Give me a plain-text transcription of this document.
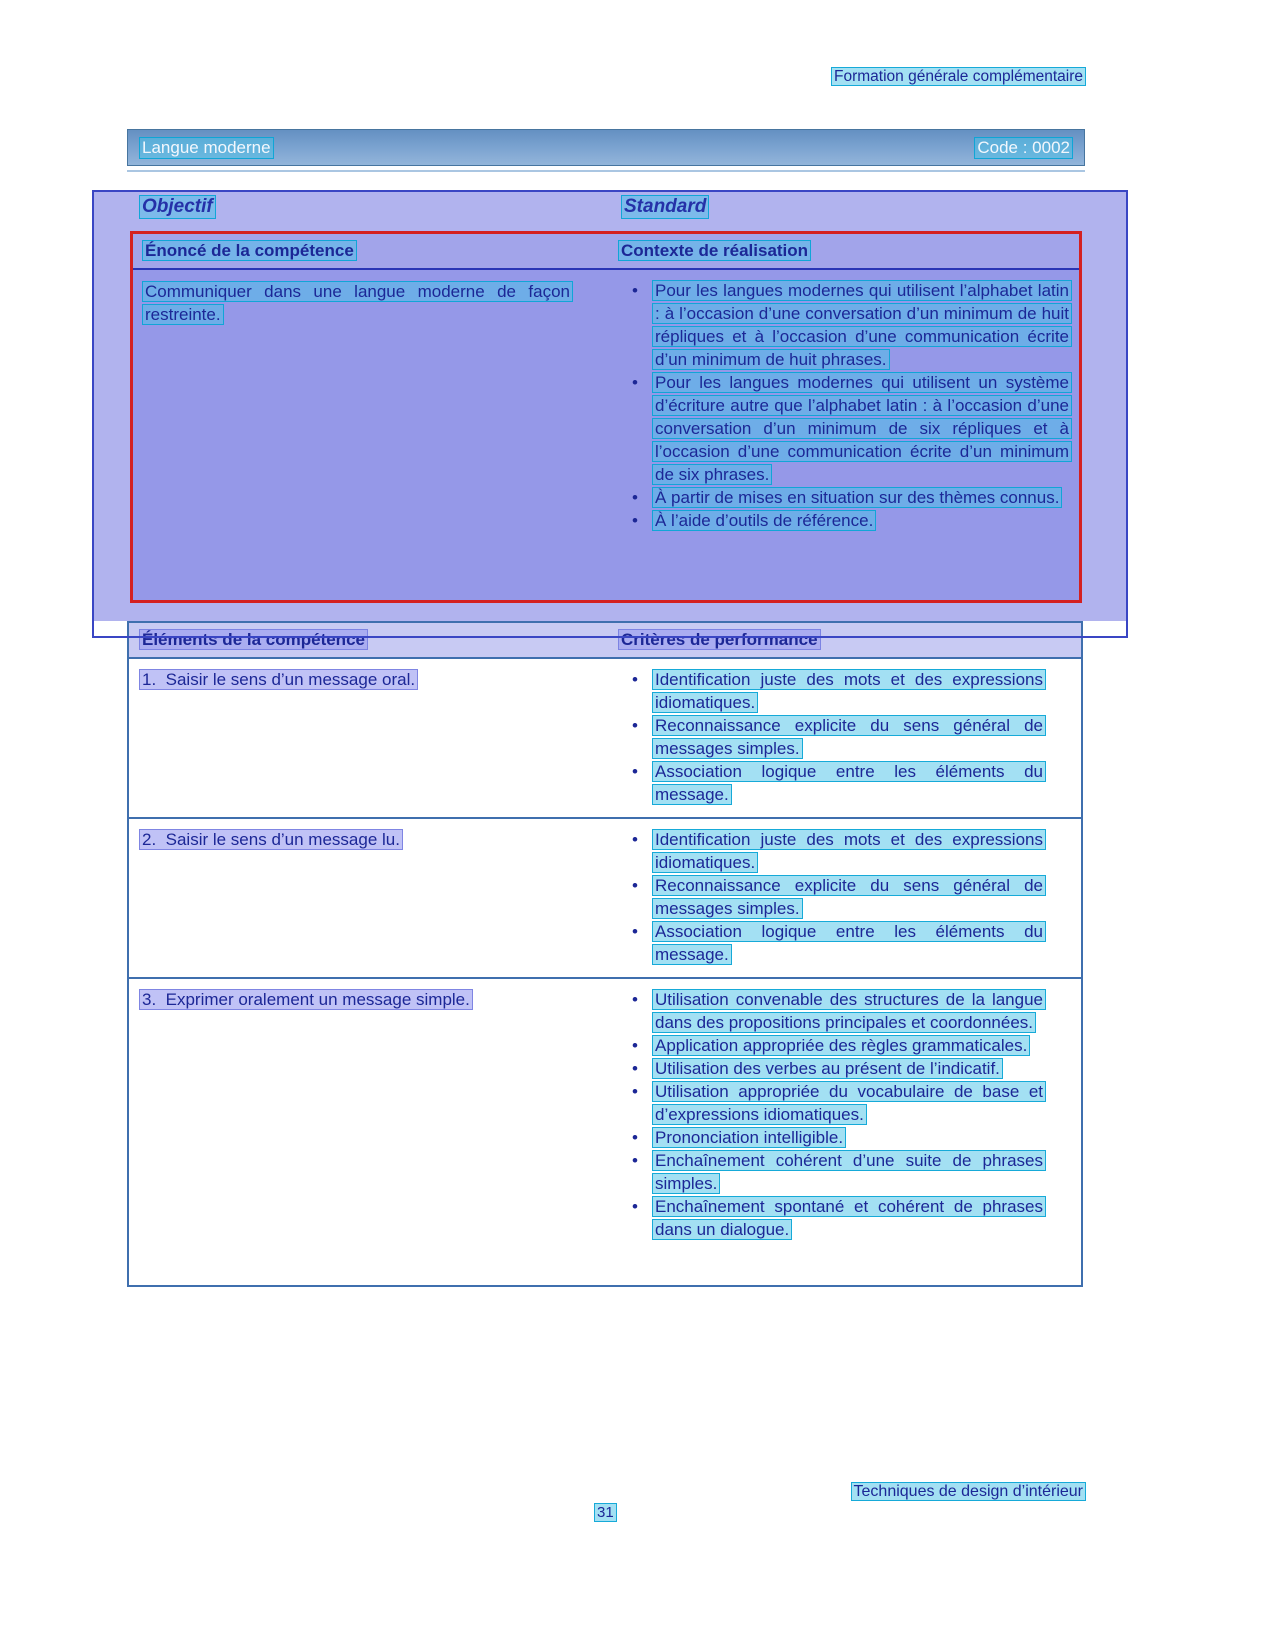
Formation générale complémentaire
Langue moderne	Code : 0002
Objectif	Standard
Énoncé de la compétence	Contexte de réalisation
Communiquer dans une langue moderne de façon restreinte.
•	Pour les langues modernes qui utilisent l’alphabet latin : à l’occasion d’une conversation d’un minimum de huit répliques et à l’occasion d’une communication écrite d’un minimum de huit phrases.

•	Pour les langues modernes qui utilisent un système d’écriture autre que l’alphabet latin : à l’occasion d’une conversation d’un minimum de six répliques et à l’occasion d’une communication écrite d’un minimum de six phrases.

•	À partir de mises en situation sur des thèmes connus.

•	À l’aide d’outils de référence.

Éléments de la compétence	Critères de performance
1.  Saisir le sens d’un message oral.	•	Identification juste des mots et des expressions idiomatiques.

•	Reconnaissance explicite du sens général de messages simples.

•	Association logique entre les éléments du message.

2.  Saisir le sens d’un message lu.	•	Identification juste des mots et des expressions idiomatiques.

•	Reconnaissance explicite du sens général de messages simples.

•	Association logique entre les éléments du message.

3.  Exprimer oralement un message simple.	•	Utilisation convenable des structures de la langue dans des propositions principales et coordonnées.

•	Application appropriée des règles grammaticales.

•	Utilisation des verbes au présent de l’indicatif.

•	Utilisation appropriée du vocabulaire de base et d’expressions idiomatiques.

•	Prononciation intelligible.

•	Enchaînement cohérent d’une suite de phrases simples.

•	Enchaînement spontané et cohérent de phrases dans un dialogue.

Techniques de design d’intérieur
31
